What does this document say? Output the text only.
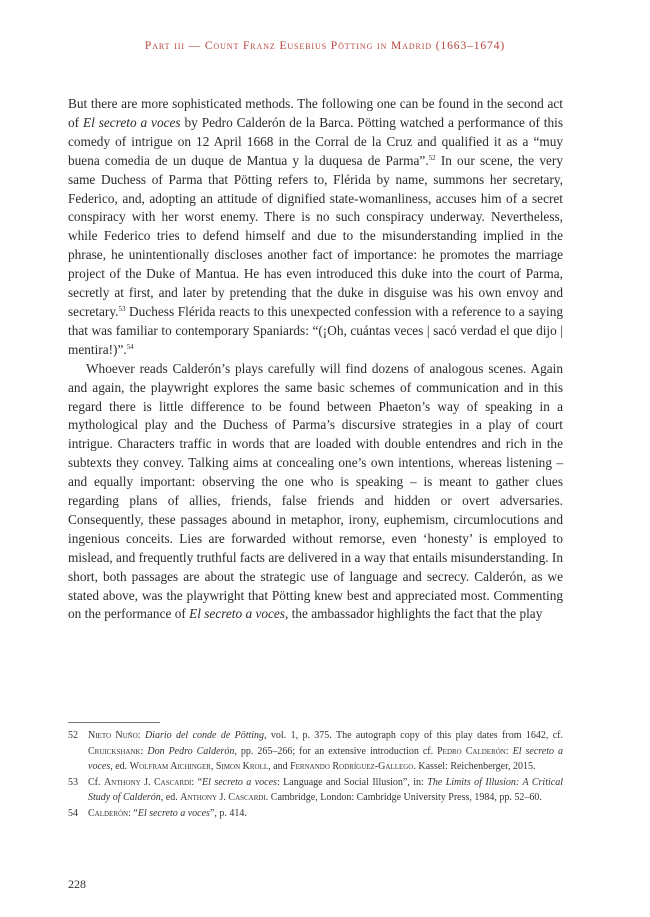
Part iii — Count Franz Eusebius Pötting in Madrid (1663–1674)

But there are more sophisticated methods. The following one can be found in the second act of El secreto a voces by Pedro Calderón de la Barca. Pötting watched a performance of this comedy of intrigue on 12 April 1668 in the Corral de la Cruz and qualified it as a “muy buena comedia de un duque de Mantua y la duquesa de Parma”.$^{52}$ In our scene, the very same Duchess of Parma that Pötting refers to, Flérida by name, summons her secretary, Federico, and, adopting an attitude of dignified state-womanliness, accuses him of a secret conspiracy with her worst enemy. There is no such conspiracy underway. Nevertheless, while Federico tries to defend himself and due to the misunderstanding implied in the phrase, he unintentionally discloses another fact of importance: he promotes the marriage project of the Duke of Mantua. He has even introduced this duke into the court of Parma, secretly at first, and later by pretending that the duke in disguise was his own envoy and secretary.$^{53}$ Duchess Flérida reacts to this unexpected confession with a reference to a saying that was familiar to contemporary Spaniards: “(¡Oh, cuántas veces | sacó verdad el que dijo | mentira!)”.$^{54}$

Whoever reads Calderón’s plays carefully will find dozens of analogous scenes. Again and again, the playwright explores the same basic schemes of communication and in this regard there is little difference to be found between Phaeton’s way of speaking in a mythological play and the Duchess of Parma’s discursive strategies in a play of court intrigue. Characters traffic in words that are loaded with double entendres and rich in the subtexts they convey. Talking aims at concealing one’s own intentions, whereas listening – and equally important: observing the one who is speaking – is meant to gather clues regarding plans of allies, friends, false friends and hidden or overt adversaries. Consequently, these passages abound in metaphor, irony, euphemism, circumlocutions and ingenious conceits. Lies are forwarded without remorse, even ‘honesty’ is employed to mislead, and frequently truthful facts are delivered in a way that entails misunderstanding. In short, both passages are about the strategic use of language and secrecy. Calderón, as we stated above, was the playwright that Pötting knew best and appreciated most. Commenting on the performance of El secreto a voces, the ambassador highlights the fact that the play

52 Nieto Nuño: Diario del conde de Pötting, vol. 1, p. 375. The autograph copy of this play dates from 1642, cf. Cruickshank: Don Pedro Calderón, pp. 265–266; for an extensive introduction cf. Pedro Calderón: El secreto a voces, ed. Wolfram Aichinger, Simon Kroll, and Fernando Rodríguez-Gallego. Kassel: Reichenberger, 2015.
53 Cf. Anthony J. Cascardi: “El secreto a voces: Language and Social Illusion”, in: The Limits of Illusion: A Critical Study of Calderón, ed. Anthony J. Cascardi. Cambridge, London: Cambridge University Press, 1984, pp. 52–60.
54 Calderón: “El secreto a voces”, p. 414.
228
